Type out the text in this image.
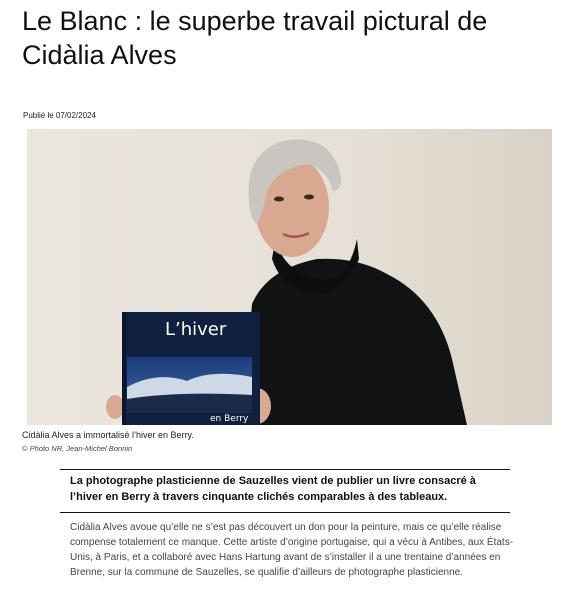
Le Blanc : le superbe travail pictural de Cidàlia Alves
Publié le 07/02/2024
L’hiver
en Berry
Cidàlia Alves a immortalisé l’hiver en Berry.
© Photo NR, Jean-Michel Bonnin

La photographe plasticienne de Sauzelles vient de publier un livre consacré à l’hiver en Berry à travers cinquante clichés comparables à des tableaux.

Cidàlia Alves avoue qu’elle ne s’est pas découvert un don pour la peinture, mais ce qu’elle réalise compense totalement ce manque. Cette artiste d’origine portugaise, qui a vécu à Antibes, aux États-Unis, à Paris, et a collaboré avec Hans Hartung avant de s’installer il a une trentaine d’années en Brenne, sur la commune de Sauzelles, se qualifie d’ailleurs de photographe plasticienne.
